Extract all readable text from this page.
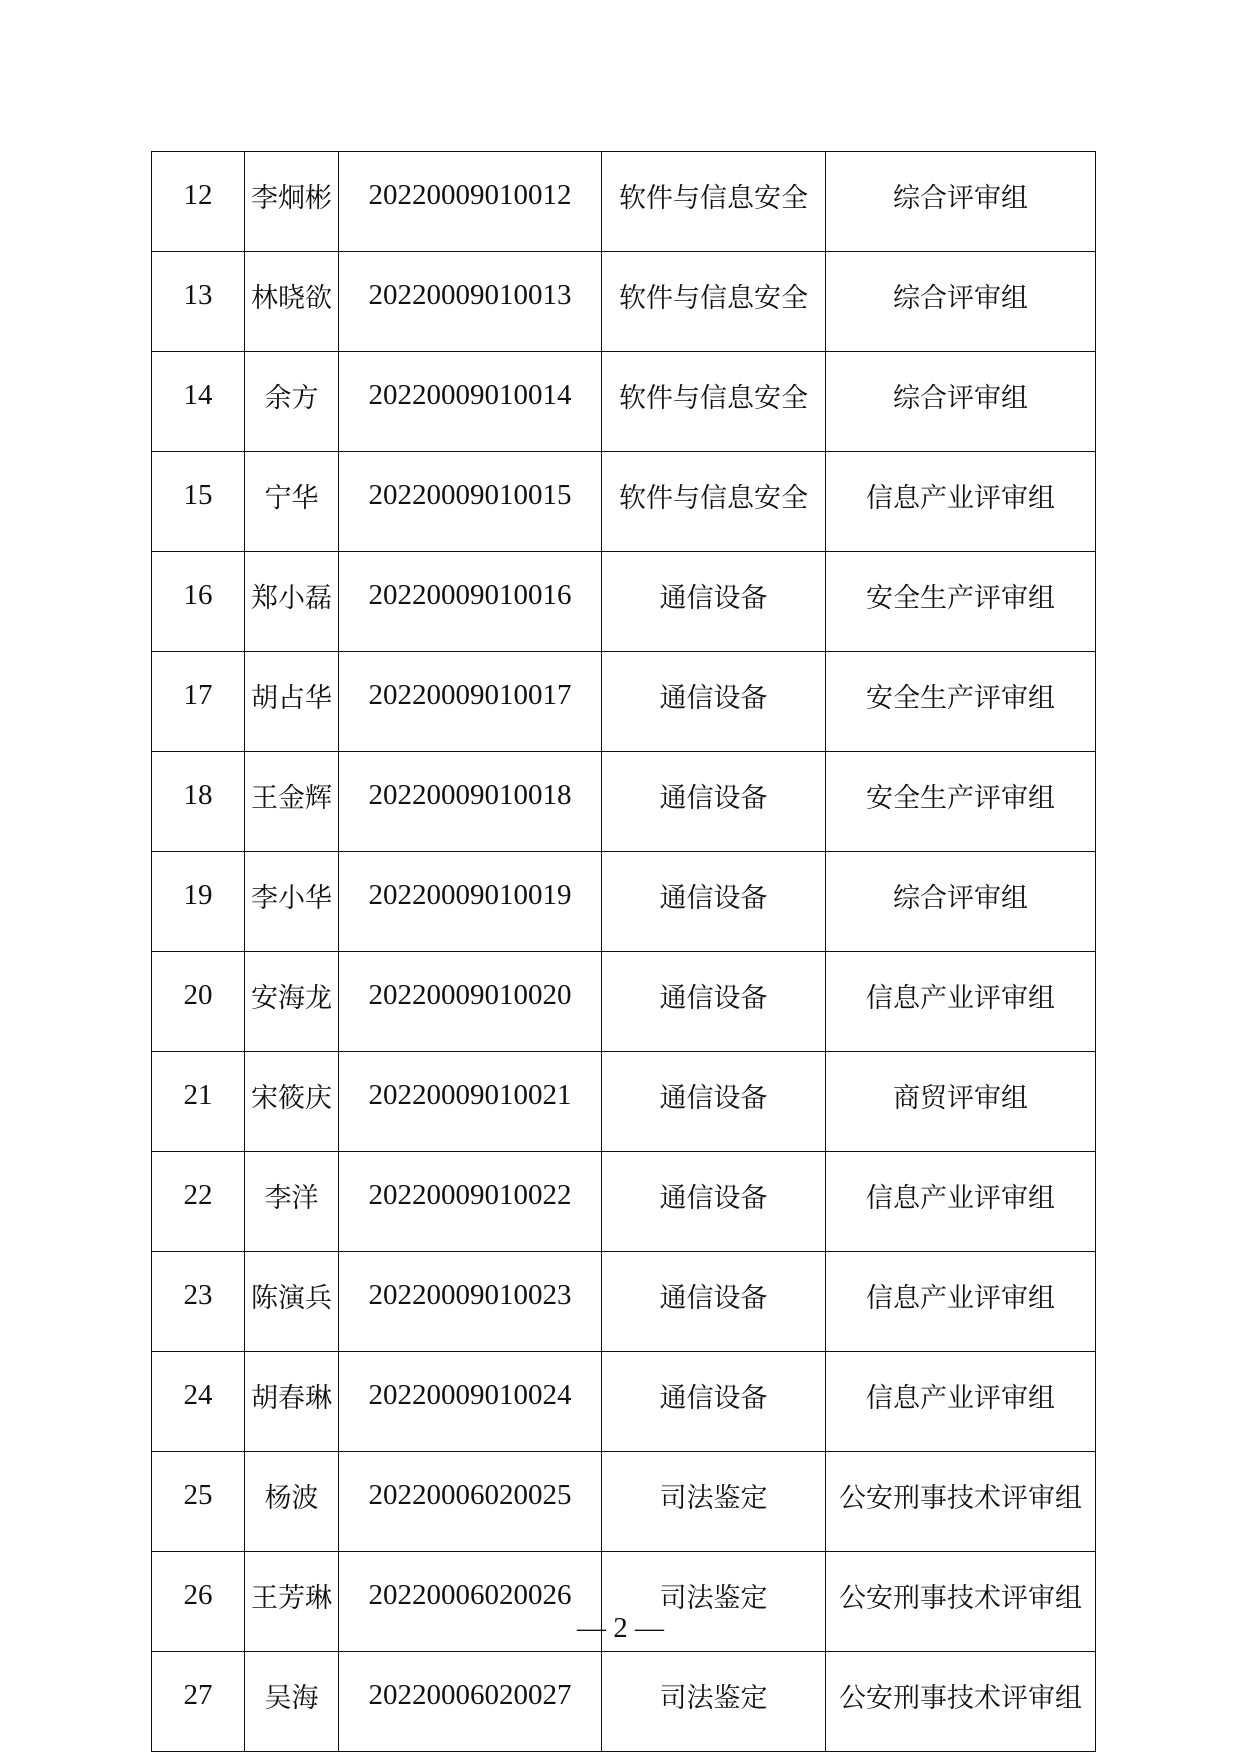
12	李炯彬	20220009010012	软件与信息安全	综合评审组
13	林晓欲	20220009010013	软件与信息安全	综合评审组
14	余方	20220009010014	软件与信息安全	综合评审组
15	宁华	20220009010015	软件与信息安全	信息产业评审组
16	郑小磊	20220009010016	通信设备	安全生产评审组
17	胡占华	20220009010017	通信设备	安全生产评审组
18	王金辉	20220009010018	通信设备	安全生产评审组
19	李小华	20220009010019	通信设备	综合评审组
20	安海龙	20220009010020	通信设备	信息产业评审组
21	宋筱庆	20220009010021	通信设备	商贸评审组
22	李洋	20220009010022	通信设备	信息产业评审组
23	陈演兵	20220009010023	通信设备	信息产业评审组
24	胡春琳	20220009010024	通信设备	信息产业评审组
25	杨波	20220006020025	司法鉴定	公安刑事技术评审组
26	王芳琳	20220006020026	司法鉴定	公安刑事技术评审组
27	吴海	20220006020027	司法鉴定	公安刑事技术评审组
— 2 —
